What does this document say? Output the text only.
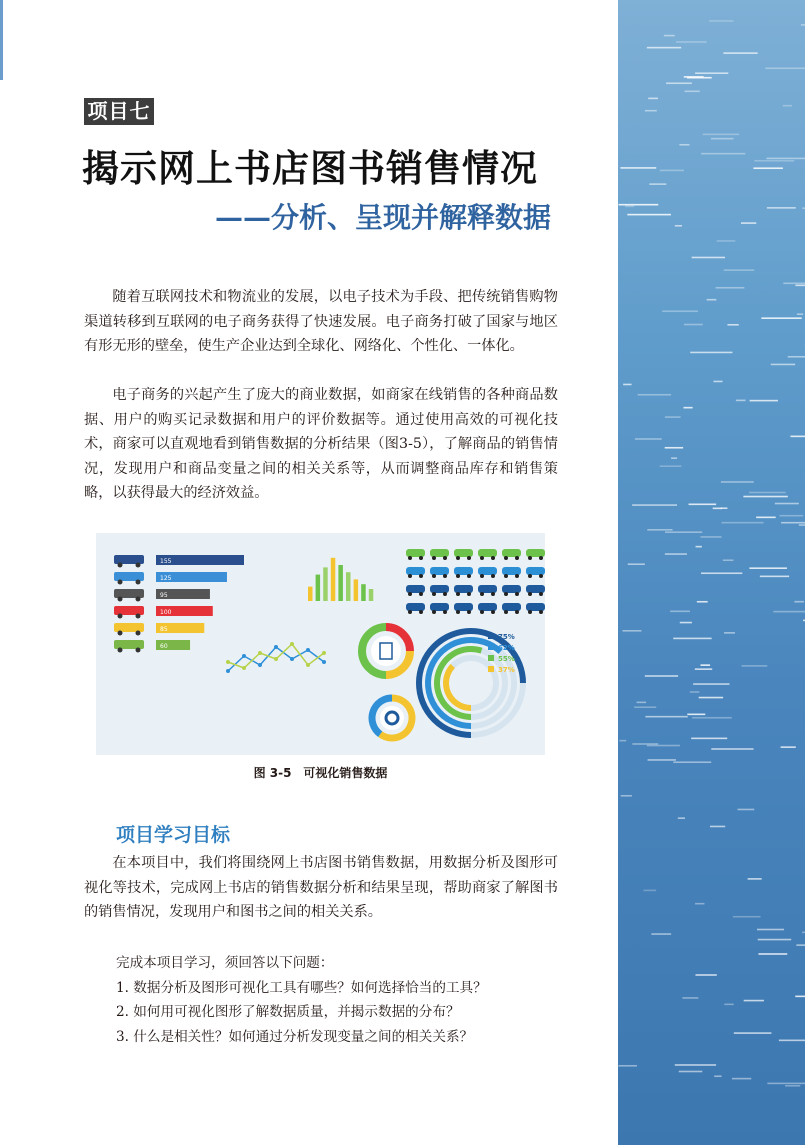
项目七
揭示网上书店图书销售情况
——分析、呈现并解释数据

随着互联网技术和物流业的发展，以电子技术为手段、把传统销售购物渠道转移到互联网的电子商务获得了快速发展。电子商务打破了国家与地区有形无形的壁垒，使生产企业达到全球化、网络化、个性化、一体化。

电子商务的兴起产生了庞大的商业数据，如商家在线销售的各种商品数据、用户的购买记录数据和用户的评价数据等。通过使用高效的可视化技术，商家可以直观地看到销售数据的分析结果（图3-5），了解商品的销售情况，发现用户和商品变量之间的相关关系等，从而调整商品库存和销售策略，以获得最大的经济效益。

155
125
95
100
85
60
75%
62%
55%
37%

图 3-5　可视化销售数据

项目学习目标

在本项目中，我们将围绕网上书店图书销售数据，用数据分析及图形可视化等技术，完成网上书店的销售数据分析和结果呈现，帮助商家了解图书的销售情况，发现用户和图书之间的相关关系。

完成本项目学习，须回答以下问题：
1. 数据分析及图形可视化工具有哪些？如何选择恰当的工具？
2. 如何用可视化图形了解数据质量，并揭示数据的分布？
3. 什么是相关性？如何通过分析发现变量之间的相关关系？
